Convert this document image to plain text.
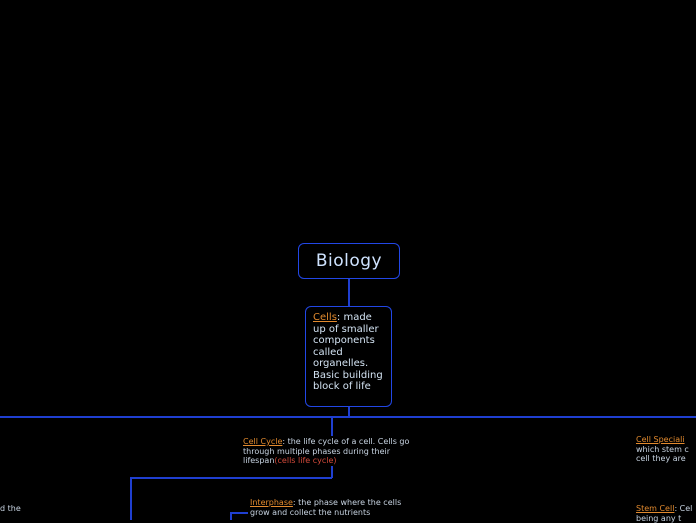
Biology
Cells: made up of smaller components called organelles. Basic building block of life
Cell Cycle: the life cycle of a cell. Cells go through multiple phases during their lifespan(cells life cycle)
Interphase: the phase where the cells grow and collect the nutrients
Cell Speciali
which stem c
cell they are
Stem Cell: Cel
being any t
d the
